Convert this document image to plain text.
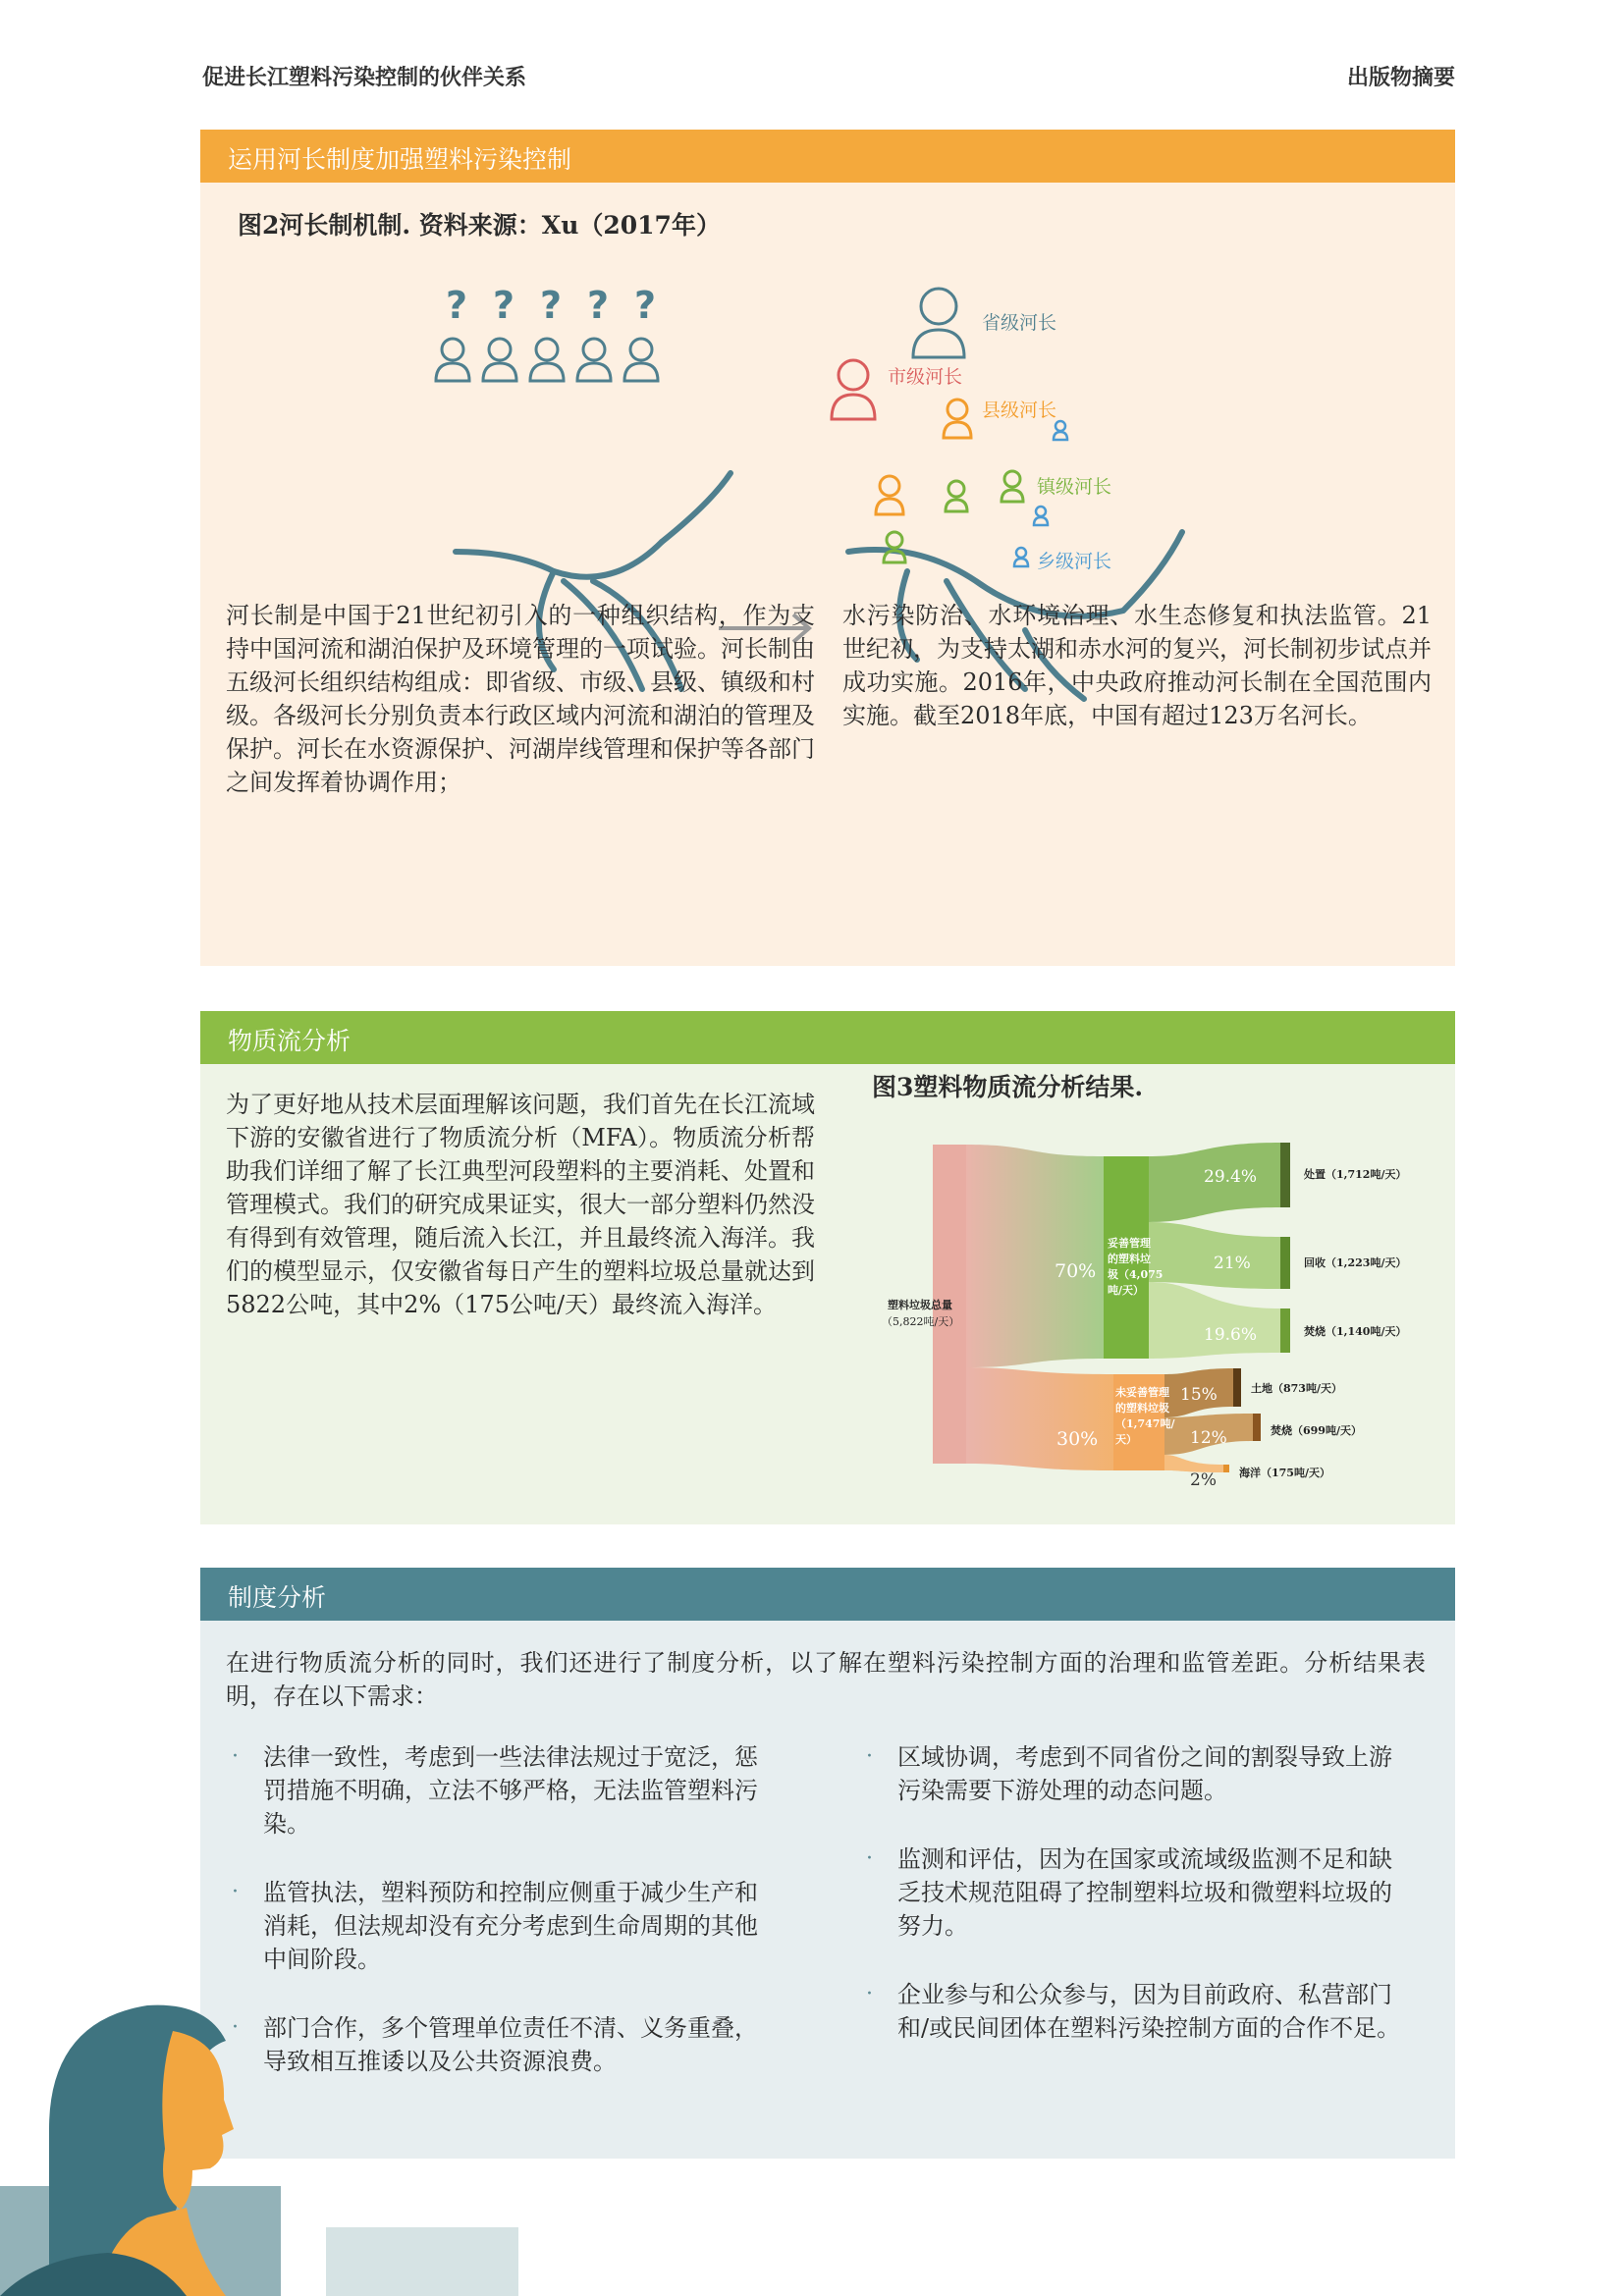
促进长江塑料污染控制的伙伴关系	出版物摘要
运用河长制度加强塑料污染控制
图2河长制机制. 资料来源：Xu（2017年）
? ? ? ? ?	省级河长
市级河长
县级河长
镇级河长
乡级河长
河长制是中国于21世纪初引入的一种组织结构，作为支持中国河流和湖泊保护及环境管理的一项试验。河长制由五级河长组织结构组成：即省级、市级、县级、镇级和村级。各级河长分别负责本行政区域内河流和湖泊的管理及保护。河长在水资源保护、河湖岸线管理和保护等各部门之间发挥着协调作用；
水污染防治、水环境治理、水生态修复和执法监管。21世纪初，为支持太湖和赤水河的复兴，河长制初步试点并成功实施。2016年，中央政府推动河长制在全国范围内实施。截至2018年底，中国有超过123万名河长。
物质流分析
为了更好地从技术层面理解该问题，我们首先在长江流域下游的安徽省进行了物质流分析（MFA）。物质流分析帮助我们详细了解了长江典型河段塑料的主要消耗、处置和管理模式。我们的研究成果证实，很大一部分塑料仍然没有得到有效管理，随后流入长江，并且最终流入海洋。我们的模型显示，仅安徽省每日产生的塑料垃圾总量就达到5822公吨，其中2%（175公吨/天）最终流入海洋。
图3塑料物质流分析结果.
塑料垃圾总量
（5,822吨/天）
70%
30%
妥善管理
的塑料垃
圾（4,075
吨/天）
未妥善管理
的塑料垃圾
（1,747吨/
天）
29.4%
21%
19.6%
15%
12%
2%
处置（1,712吨/天）
回收（1,223吨/天）
焚烧（1,140吨/天）
土地（873吨/天）
焚烧（699吨/天）
海洋（175吨/天）
制度分析
在进行物质流分析的同时，我们还进行了制度分析，以了解在塑料污染控制方面的治理和监管差距。分析结果表明，存在以下需求：
· 法律一致性，考虑到一些法律法规过于宽泛，惩罚措施不明确，立法不够严格，无法监管塑料污染。
· 监管执法，塑料预防和控制应侧重于减少生产和消耗，但法规却没有充分考虑到生命周期的其他中间阶段。
· 部门合作，多个管理单位责任不清、义务重叠，导致相互推诿以及公共资源浪费。
· 区域协调，考虑到不同省份之间的割裂导致上游污染需要下游处理的动态问题。
· 监测和评估，因为在国家或流域级监测不足和缺乏技术规范阻碍了控制塑料垃圾和微塑料垃圾的努力。
· 企业参与和公众参与，因为目前政府、私营部门和/或民间团体在塑料污染控制方面的合作不足。
